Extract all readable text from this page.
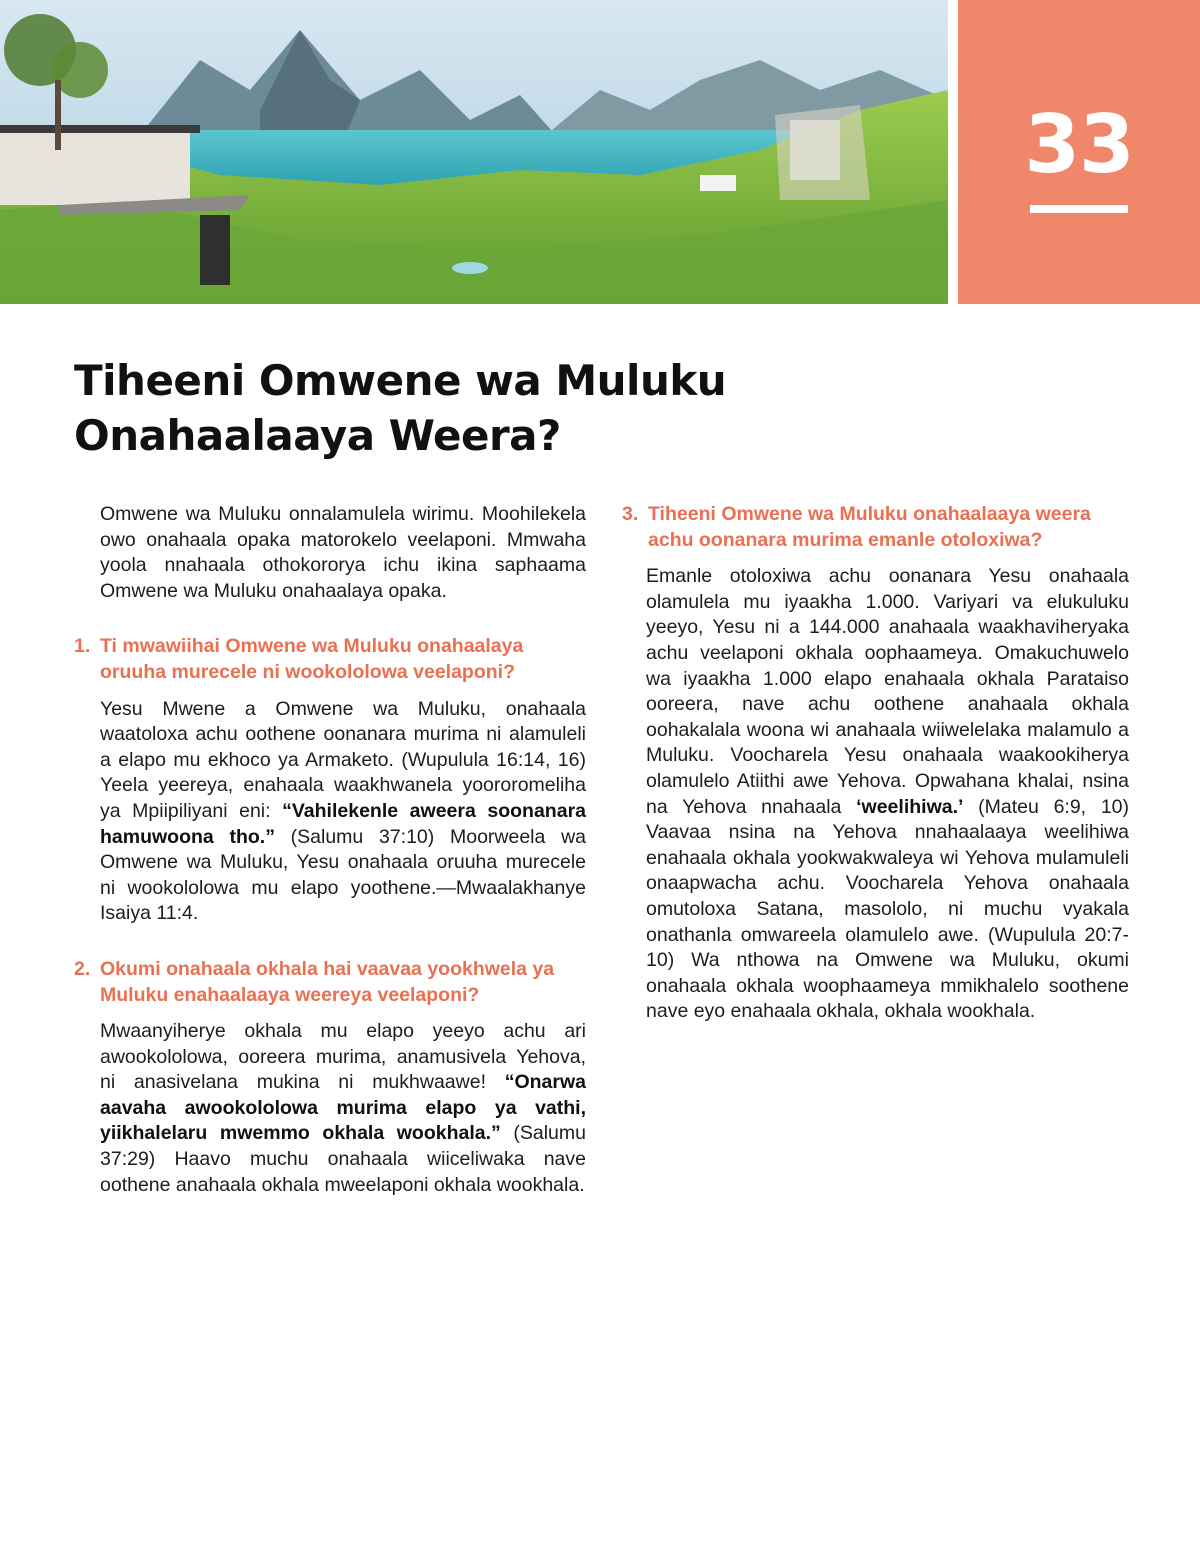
33
Tiheeni Omwene wa Muluku
Onahaalaaya Weera?

Omwene wa Muluku onnalamulela wirimu. Moohilekela owo onahaala opaka matorokelo veelaponi. Mmwaha yoola nnahaala othokororya ichu ikina saphaama Omwene wa Muluku onahaalaya opaka.

1. Ti mwawiihai Omwene wa Muluku onahaalaya oruuha murecele ni wookololowa veelaponi?

Yesu Mwene a Omwene wa Muluku, onahaala waatoloxa achu oothene oonanara murima ni alamuleli a elapo mu ekhoco ya Armaketo. (Wupulula 16:14, 16) Yeela yeereya, enahaala waakhwanela yoororomeliha ya Mpiipiliyani eni: “Vahilekenle aweera soonanara hamuwoona tho.” (Salumu 37:10) Moorweela wa Omwene wa Muluku, Yesu onahaala oruuha murecele ni wookololowa mu elapo yoothene.—Mwaalakhanye Isaiya 11:4.

2. Okumi onahaala okhala hai vaavaa yookhwela ya Muluku enahaalaaya weereya veelaponi?

Mwaanyiherye okhala mu elapo yeeyo achu ari awookololowa, ooreera murima, anamusivela Yehova, ni anasivelana mukina ni mukhwaawe! “Onarwa aavaha awookololowa murima elapo ya vathi, yiikhalelaru mwemmo okhala wookhala.” (Salumu 37:29) Haavo muchu onahaala wiiceliwaka nave oothene anahaala okhala mweelaponi okhala wookhala.

3. Tiheeni Omwene wa Muluku onahaalaaya weera achu oonanara murima emanle otoloxiwa?

Emanle otoloxiwa achu oonanara Yesu onahaala olamulela mu iyaakha 1.000. Variyari va elukuluku yeeyo, Yesu ni a 144.000 anahaala waakhaviheryaka achu veelaponi okhala oophaameya. Omakuchuwelo wa iyaakha 1.000 elapo enahaala okhala Parataiso ooreera, nave achu oothene anahaala okhala oohakalala woona wi anahaala wiiwelelaka malamulo a Muluku. Voocharela Yesu onahaala waakookiherya olamulelo Atiithi awe Yehova. Opwahana khalai, nsina na Yehova nnahaala ‘weelihiwa.’ (Mateu 6:9, 10) Vaavaa nsina na Yehova nnahaalaaya weelihiwa enahaala okhala yookwakwaleya wi Yehova mulamuleli onaapwacha achu. Voocharela Yehova onahaala omutoloxa Satana, masololo, ni muchu vyakala onathanla omwareela olamulelo awe. (Wupulula 20:7-10) Wa nthowa na Omwene wa Muluku, okumi onahaala okhala woophaameya mmikhalelo soothene nave eyo enahaala okhala, okhala wookhala.
